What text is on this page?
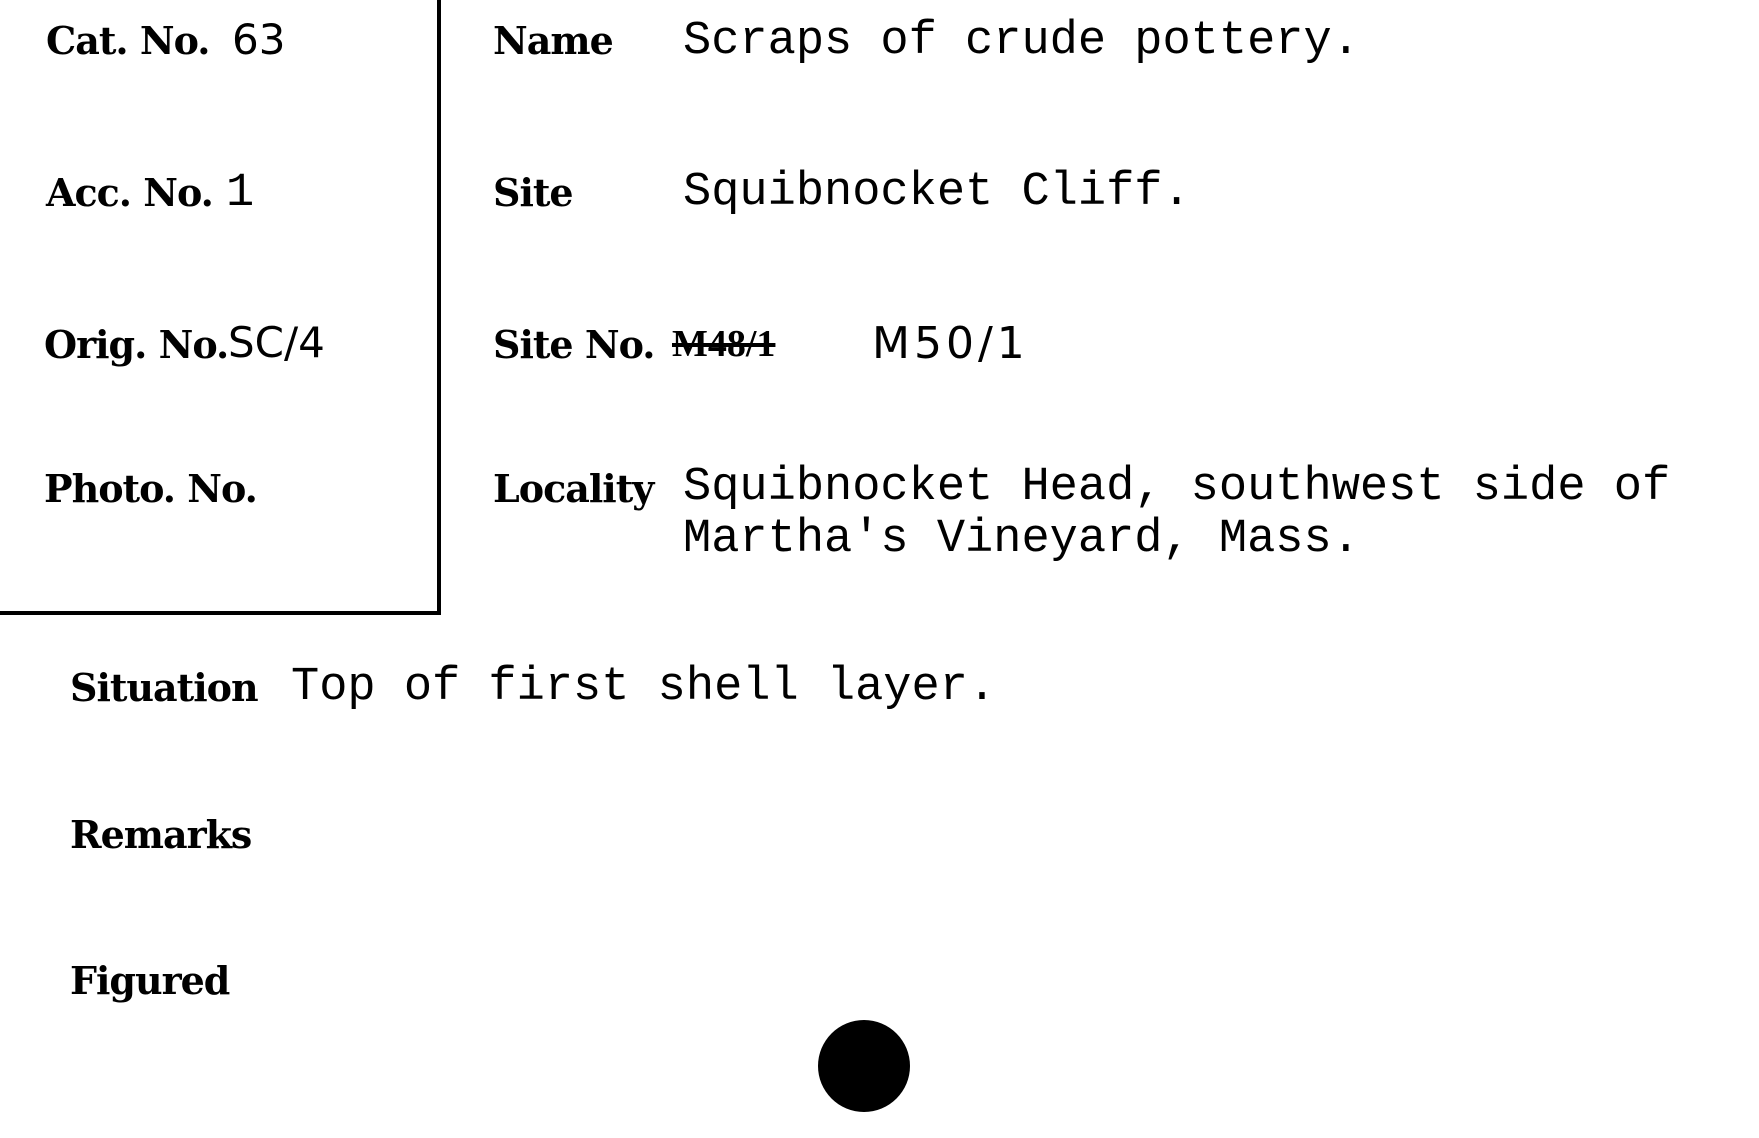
Cat. No. 63
Acc. No. 1
Orig. No. SC/4
Photo. No.
Name Scraps of crude pottery.
Site Squibnocket Cliff.
Site No. M48/1 M50/1
Locality Squibnocket Head, southwest side of
Martha's Vineyard, Mass.
Situation Top of first shell layer.
Remarks
Figured
